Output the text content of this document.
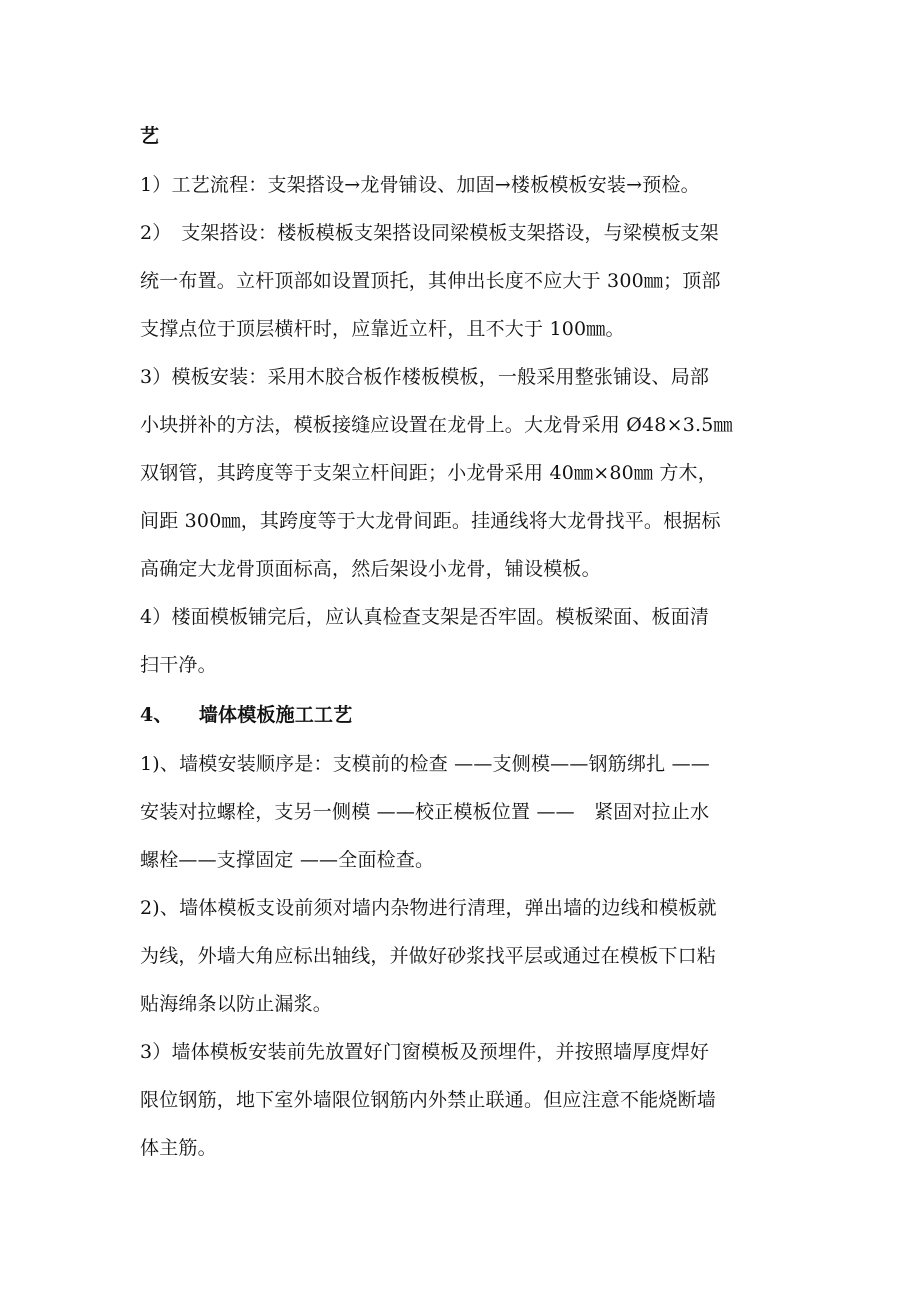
艺
1）工艺流程：支架搭设→龙骨铺设、加固→楼板模板安装→预检。
2）　支架搭设：楼板模板支架搭设同梁模板支架搭设，与梁模板支架
统一布置。立杆顶部如设置顶托，其伸出长度不应大于 300㎜；顶部
支撑点位于顶层横杆时，应靠近立杆，且不大于 100㎜。
3）模板安装：采用木胶合板作楼板模板，一般采用整张铺设、局部
小块拼补的方法，模板接缝应设置在龙骨上。大龙骨采用 Ø48×3.5㎜
双钢管，其跨度等于支架立杆间距；小龙骨采用 40㎜×80㎜ 方木，
间距 300㎜，其跨度等于大龙骨间距。挂通线将大龙骨找平。根据标
高确定大龙骨顶面标高，然后架设小龙骨，铺设模板。
4）楼面模板铺完后，应认真检查支架是否牢固。模板梁面、板面清
扫干净。
4、 墙体模板施工工艺
1)、墙模安装顺序是：支模前的检查 ——支侧模——钢筋绑扎 ——
安装对拉螺栓，支另一侧模 ——校正模板位置 ——　紧固对拉止水
螺栓——支撑固定 ——全面检查。
2)、墙体模板支设前须对墙内杂物进行清理，弹出墙的边线和模板就
为线，外墙大角应标出轴线，并做好砂浆找平层或通过在模板下口粘
贴海绵条以防止漏浆。
3）墙体模板安装前先放置好门窗模板及预埋件，并按照墙厚度焊好
限位钢筋，地下室外墙限位钢筋内外禁止联通。但应注意不能烧断墙
体主筋。
